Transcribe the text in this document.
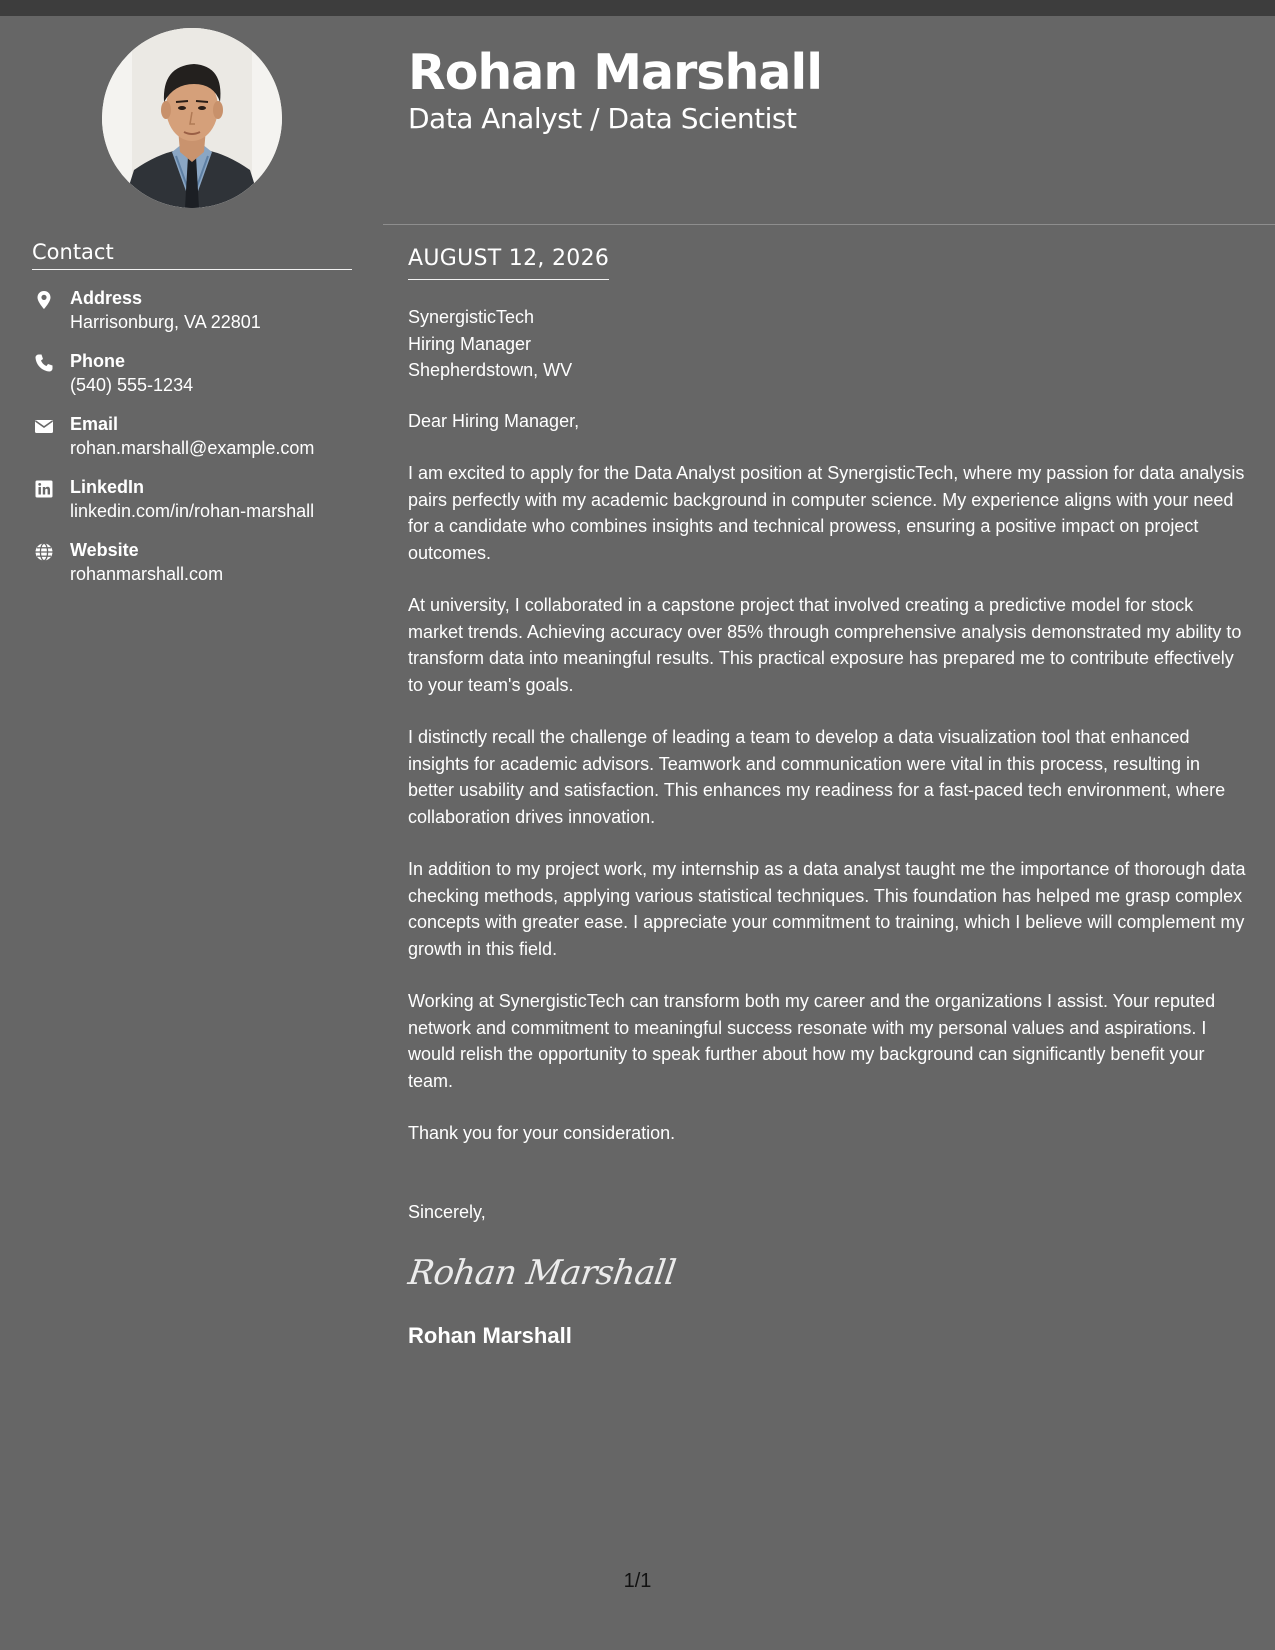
Contact
Address
Harrisonburg, VA 22801
Phone
(540) 555-1234
Email
rohan.marshall@example.com
LinkedIn
linkedin.com/in/rohan-marshall
Website
rohanmarshall.com
Rohan Marshall
Data Analyst / Data Scientist
AUGUST 12, 2026

SynergisticTech
Hiring Manager
Shepherdstown, WV

Dear Hiring Manager,

I am excited to apply for the Data Analyst position at SynergisticTech, where my passion for data analysis pairs perfectly with my academic background in computer science. My experience aligns with your need for a candidate who combines insights and technical prowess, ensuring a positive impact on project outcomes.

At university, I collaborated in a capstone project that involved creating a predictive model for stock market trends. Achieving accuracy over 85% through comprehensive analysis demonstrated my ability to transform data into meaningful results. This practical exposure has prepared me to contribute effectively to your team's goals.

I distinctly recall the challenge of leading a team to develop a data visualization tool that enhanced insights for academic advisors. Teamwork and communication were vital in this process, resulting in better usability and satisfaction. This enhances my readiness for a fast-paced tech environment, where collaboration drives innovation.

In addition to my project work, my internship as a data analyst taught me the importance of thorough data checking methods, applying various statistical techniques. This foundation has helped me grasp complex concepts with greater ease. I appreciate your commitment to training, which I believe will complement my growth in this field.

Working at SynergisticTech can transform both my career and the organizations I assist. Your reputed network and commitment to meaningful success resonate with my personal values and aspirations. I would relish the opportunity to speak further about how my background can significantly benefit your team.

Thank you for your consideration.

Sincerely,

Rohan Marshall
Rohan Marshall
1/1
